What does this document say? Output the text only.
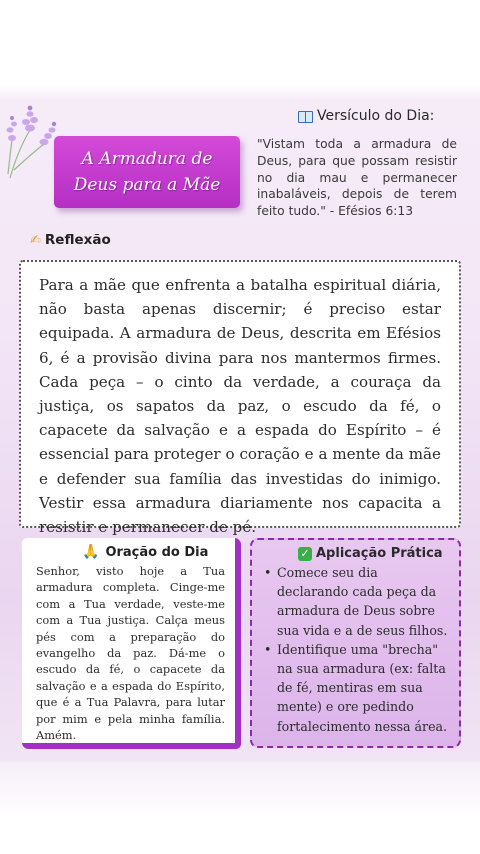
A Armadura de Deus para a Mãe
Versículo do Dia:
"Vistam toda a armadura de Deus, para que possam resistir no dia mau e permanecer inabaláveis, depois de terem feito tudo." - Efésios 6:13
✍ Reflexão

Para a mãe que enfrenta a batalha espiritual diária, não basta apenas discernir; é preciso estar equipada. A armadura de Deus, descrita em Efésios 6, é a provisão divina para nos mantermos firmes. Cada peça – o cinto da verdade, a couraça da justiça, os sapatos da paz, o escudo da fé, o capacete da salvação e a espada do Espírito – é essencial para proteger o coração e a mente da mãe e defender sua família das investidas do inimigo. Vestir essa armadura diariamente nos capacita a resistir e permanecer de pé.

🙏 Oração do Dia
Senhor, visto hoje a Tua armadura completa. Cinge-me com a Tua verdade, veste-me com a Tua justiça. Calça meus pés com a preparação do evangelho da paz. Dá-me o escudo da fé, o capacete da salvação e a espada do Espírito, que é a Tua Palavra, para lutar por mim e pela minha família. Amém.
✓ Aplicação Prática
• Comece seu dia declarando cada peça da armadura de Deus sobre sua vida e a de seus filhos.
• Identifique uma "brecha" na sua armadura (ex: falta de fé, mentiras em sua mente) e ore pedindo fortalecimento nessa área.
